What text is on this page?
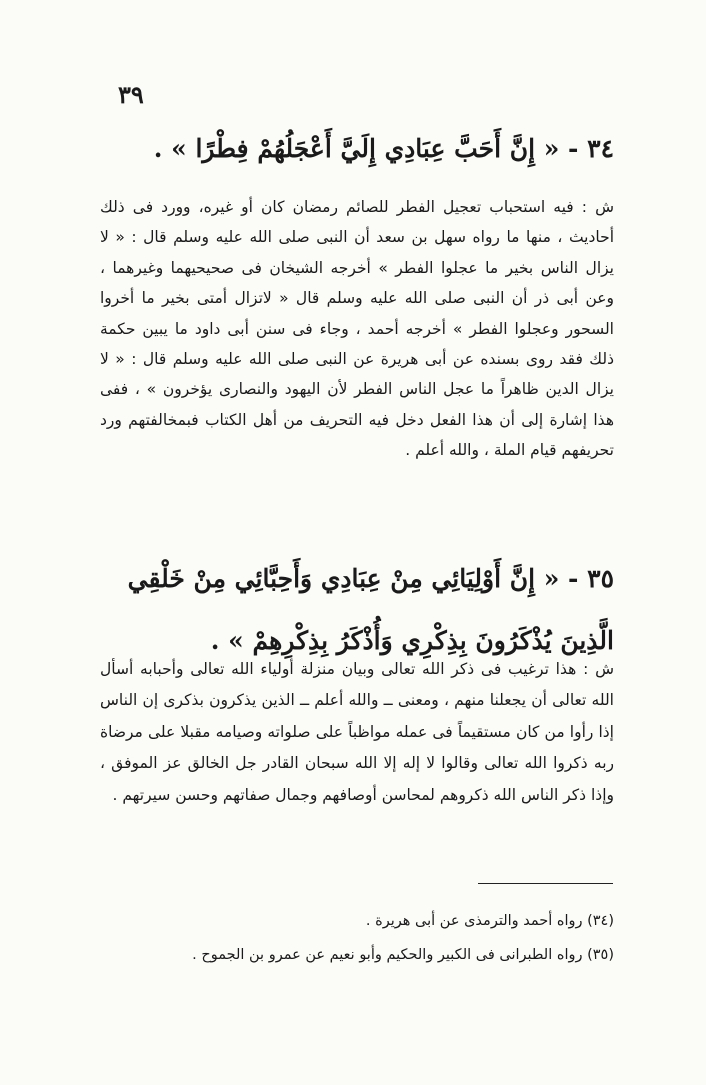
٣٩
٣٤ - « إِنَّ أَحَبَّ عِبَادِي إِلَيَّ أَعْجَلُهُمْ فِطْرًا » .
ش : فيه استحباب تعجيل الفطر للصائم رمضان كان أو غيره، وورد فى ذلك أحاديث ، منها ما رواه سهل بن سعد أن النبى صلى الله عليه وسلم قال : « لا يزال الناس بخير ما عجلوا الفطر » أخرجه الشيخان فى صحيحيهما وغيرهما ، وعن أبى ذر أن النبى صلى الله عليه وسلم قال « لاتزال أمتى بخير ما أخروا السحور وعجلوا الفطر » أخرجه أحمد ، وجاء فى سنن أبى داود ما يبين حكمة ذلك فقد روى بسنده عن أبى هريرة عن النبى صلى الله عليه وسلم قال : « لا يزال الدين ظاهراً ما عجل الناس الفطر لأن اليهود والنصارى يؤخرون » ، ففى هذا إشارة إلى أن هذا الفعل دخل فيه التحريف من أهل الكتاب فبمخالفتهم ورد تحريفهم قيام الملة ، والله أعلم .
٣٥ - « إِنَّ أَوْلِيَائِي مِنْ عِبَادِي وَأَحِبَّائِي مِنْ خَلْقِي
الَّذِينَ يُذْكَرُونَ بِذِكْرِي وَأُذْكَرُ بِذِكْرِهِمْ » .
ش : هذا ترغيب فى ذكر الله تعالى وبيان منزلة أولياء الله تعالى وأحبابه أسأل الله تعالى أن يجعلنا منهم ، ومعنى ــ والله أعلم ــ الذين يذكرون بذكرى إن الناس إذا رأوا من كان مستقيماً فى عمله مواظباً على صلواته وصيامه مقبلا على مرضاة ربه ذكروا الله تعالى وقالوا لا إله إلا الله سبحان القادر جل الخالق عز الموفق ، وإذا ذكر الناس الله ذكروهم لمحاسن أوصافهم وجمال صفاتهم وحسن سيرتهم .
(٣٤) رواه أحمد والترمذى عن أبى هريرة .
(٣٥) رواه الطبرانى فى الكبير والحكيم وأبو نعيم عن عمرو بن الجموح .
